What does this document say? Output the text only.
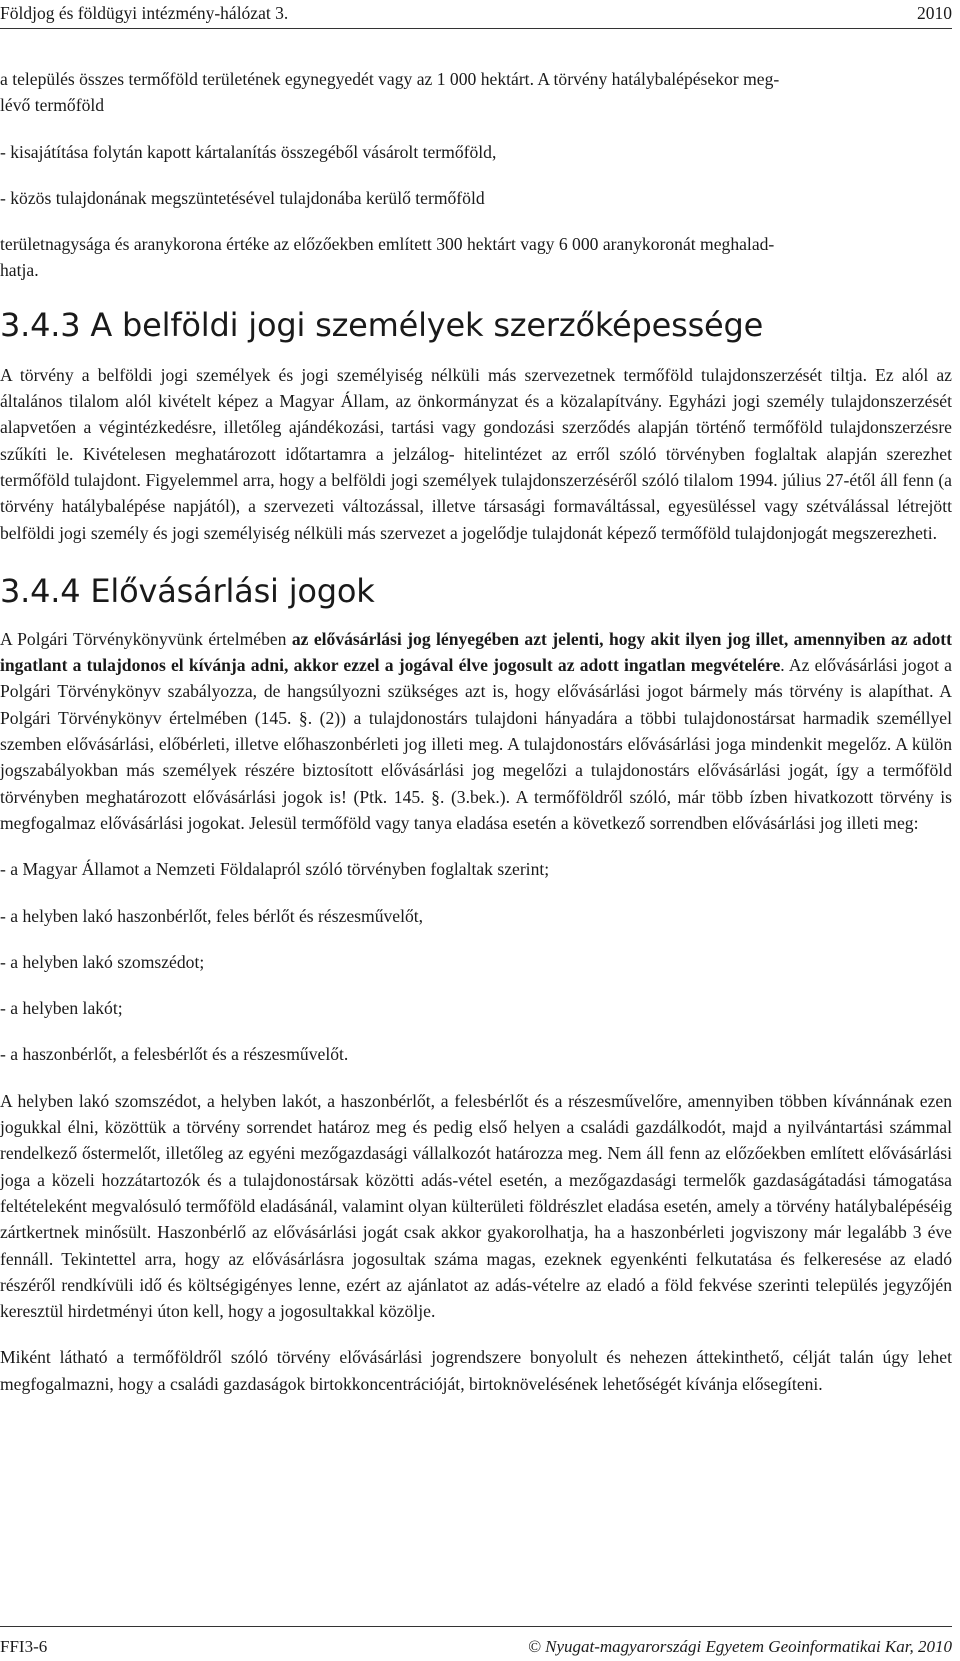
Földjog és földügyi intézmény-hálózat 3.	2010

a település összes termőföld területének egynegyedét vagy az 1 000 hektárt. A törvény hatálybalépésekor meg-
lévő termőföld

- kisajátítása folytán kapott kártalanítás összegéből vásárolt termőföld,

- közös tulajdonának megszüntetésével tulajdonába kerülő termőföld

területnagysága és aranykorona értéke az előzőekben említett 300 hektárt vagy 6 000 aranykoronát meghalad-
hatja.

3.4.3 A belföldi jogi személyek szerzőképessége

A törvény a belföldi jogi személyek és jogi személyiség nélküli más szervezetnek termőföld tulajdonszerzését tiltja. Ez alól az általános tilalom alól kivételt képez a Magyar Állam, az önkormányzat és a közalapítvány. Egyházi jogi személy tulajdonszerzését alapvetően a végintézkedésre, illetőleg ajándékozási, tartási vagy gondozási szerződés alapján történő termőföld tulajdonszerzésre szűkíti le. Kivételesen meghatározott időtartamra a jelzálog- hitelintézet az erről szóló törvényben foglaltak alapján szerezhet termőföld tulajdont. Figyelemmel arra, hogy a belföldi jogi személyek tulajdonszerzéséről szóló tilalom 1994. július 27-étől áll fenn (a törvény hatálybalépése napjától), a szervezeti változással, illetve társasági formaváltással, egyesüléssel vagy szétválással létrejött belföldi jogi személy és jogi személyiség nélküli más szervezet a jogelődje tulajdonát képező termőföld tulajdonjogát megszerezheti.

3.4.4 Elővásárlási jogok

A Polgári Törvénykönyvünk értelmében az elővásárlási jog lényegében azt jelenti, hogy akit ilyen jog illet, amennyiben az adott ingatlant a tulajdonos el kívánja adni, akkor ezzel a jogával élve jogosult az adott ingatlan megvételére. Az elővásárlási jogot a Polgári Törvénykönyv szabályozza, de hangsúlyozni szükséges azt is, hogy elővásárlási jogot bármely más törvény is alapíthat. A Polgári Törvénykönyv értelmében (145. §. (2)) a tulajdonostárs tulajdoni hányadára a többi tulajdonostársat harmadik személlyel szemben elővásárlási, előbérleti, illetve előhaszonbérleti jog illeti meg. A tulajdonostárs elővásárlási joga mindenkit megelőz. A külön jogszabályokban más személyek részére biztosított elővásárlási jog megelőzi a tulajdonostárs elővásárlási jogát, így a termőföld törvényben meghatározott elővásárlási jogok is! (Ptk. 145. §. (3.bek.). A termőföldről szóló, már több ízben hivatkozott törvény is megfogalmaz elővásárlási jogokat. Jelesül termőföld vagy tanya eladása esetén a következő sorrendben elővásárlási jog illeti meg:

- a Magyar Államot a Nemzeti Földalapról szóló törvényben foglaltak szerint;

- a helyben lakó haszonbérlőt, feles bérlőt és részesművelőt,

- a helyben lakó szomszédot;

- a helyben lakót;

- a haszonbérlőt, a felesbérlőt és a részesművelőt.

A helyben lakó szomszédot, a helyben lakót, a haszonbérlőt, a felesbérlőt és a részesművelőre, amennyiben többen kívánnának ezen jogukkal élni, közöttük a törvény sorrendet határoz meg és pedig első helyen a családi gazdálkodót, majd a nyilvántartási számmal rendelkező őstermelőt, illetőleg az egyéni mezőgazdasági vállalkozót határozza meg. Nem áll fenn az előzőekben említett elővásárlási joga a közeli hozzátartozók és a tulajdonostársak közötti adás-vétel esetén, a mezőgazdasági termelők gazdaságátadási támogatása feltételeként megvalósuló termőföld eladásánál, valamint olyan külterületi földrészlet eladása esetén, amely a törvény hatálybalépéséig zártkertnek minősült. Haszonbérlő az elővásárlási jogát csak akkor gyakorolhatja, ha a haszonbérleti jogviszony már legalább 3 éve fennáll. Tekintettel arra, hogy az elővásárlásra jogosultak száma magas, ezeknek egyenkénti felkutatása és felkeresése az eladó részéről rendkívüli idő és költségigényes lenne, ezért az ajánlatot az adás-vételre az eladó a föld fekvése szerinti település jegyzőjén keresztül hirdetményi úton kell, hogy a jogosultakkal közölje.

Miként látható a termőföldről szóló törvény elővásárlási jogrendszere bonyolult és nehezen áttekinthető, célját talán úgy lehet megfogalmazni, hogy a családi gazdaságok birtokkoncentrációját, birtoknövelésének lehetőségét kívánja elősegíteni.

FFI3-6	© Nyugat-magyarországi Egyetem Geoinformatikai Kar, 2010
